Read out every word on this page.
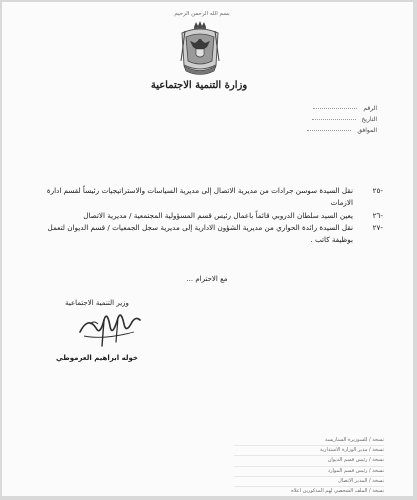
بسم الله الرحمن الرحيم
وزارة التنمية الاجتماعية
الرقم
التاريخ
الموافق
-٢٥
نقل السيدة سوسن جرادات من مديرية الاتصال إلى مديرية السياسات والاستراتيجيات رئيساً لقسم ادارة الازمات
-٢٦
يعين السيد سلطان الدروبي قائماً باعمال رئيس قسم المسؤولية المجتمعية / مديرية الاتصال
-٢٧
نقل السيدة رائدة الحواري من مديرية الشؤون الادارية إلى مديرية سجل الجمعيات / قسم الديوان لتعمل بوظيفة كاتب .
مع الاحترام ...
وزير التنمية الاجتماعية
خوله ابراهيم العرموطي
نسخة / للسوزيرة الستاريسة
نسخة / مدير الوزارة الاستدارية
نسخة / رئيس قسم الديوان
نسخة / رئيس قسم الموارد
نسخة / المدير الاتصال
نسخة / الملف الشخصي لهم المذكورين اعلاه
